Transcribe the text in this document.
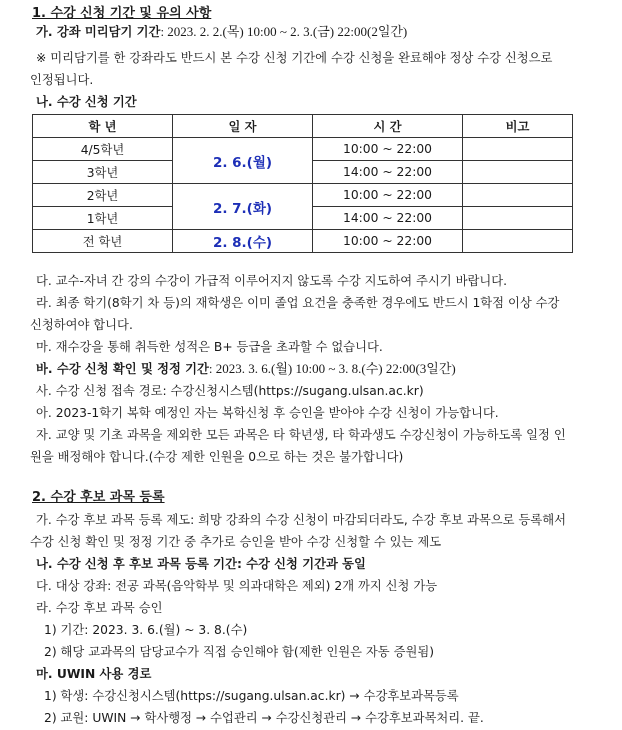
1. 수강 신청 기간 및 유의 사항
가. 강좌 미리담기 기간: 2023. 2. 2.(목) 10:00 ~ 2. 3.(금) 22:00(2일간)
※ 미리담기를 한 강좌라도 반드시 본 수강 신청 기간에 수강 신청을 완료해야 정상 수강 신청으로
인정됩니다.
나. 수강 신청 기간
학 년	일 자	시 간	비고
4/5학년	2. 6.(월)	10:00 ~ 22:00	
3학년		14:00 ~ 22:00	
2학년	2. 7.(화)	10:00 ~ 22:00	
1학년		14:00 ~ 22:00	
전 학년	2. 8.(수)	10:00 ~ 22:00	
다. 교수-자녀 간 강의 수강이 가급적 이루어지지 않도록 수강 지도하여 주시기 바랍니다.
라. 최종 학기(8학기 차 등)의 재학생은 이미 졸업 요건을 충족한 경우에도 반드시 1학점 이상 수강
신청하여야 합니다.
마. 재수강을 통해 취득한 성적은 B+ 등급을 초과할 수 없습니다.
바. 수강 신청 확인 및 정정 기간: 2023. 3. 6.(월) 10:00 ~ 3. 8.(수) 22:00(3일간)
사. 수강 신청 접속 경로: 수강신청시스템(https://sugang.ulsan.ac.kr)
아. 2023-1학기 복학 예정인 자는 복학신청 후 승인을 받아야 수강 신청이 가능합니다.
자. 교양 및 기초 과목을 제외한 모든 과목은 타 학년생, 타 학과생도 수강신청이 가능하도록 일정 인
원을 배정해야 합니다.(수강 제한 인원을 0으로 하는 것은 불가합니다)
2. 수강 후보 과목 등록
가. 수강 후보 과목 등록 제도: 희망 강좌의 수강 신청이 마감되더라도, 수강 후보 과목으로 등록해서
수강 신청 확인 및 정정 기간 중 추가로 승인을 받아 수강 신청할 수 있는 제도
나. 수강 신청 후 후보 과목 등록 기간: 수강 신청 기간과 동일
다. 대상 강좌: 전공 과목(음악학부 및 의과대학은 제외) 2개 까지 신청 가능
라. 수강 후보 과목 승인
1) 기간: 2023. 3. 6.(월) ~ 3. 8.(수)
2) 해당 교과목의 담당교수가 직접 승인해야 함(제한 인원은 자동 증원됨)
마. UWIN 사용 경로
1) 학생: 수강신청시스템(https://sugang.ulsan.ac.kr) → 수강후보과목등록
2) 교원: UWIN → 학사행정 → 수업관리 → 수강신청관리 → 수강후보과목처리. 끝.
